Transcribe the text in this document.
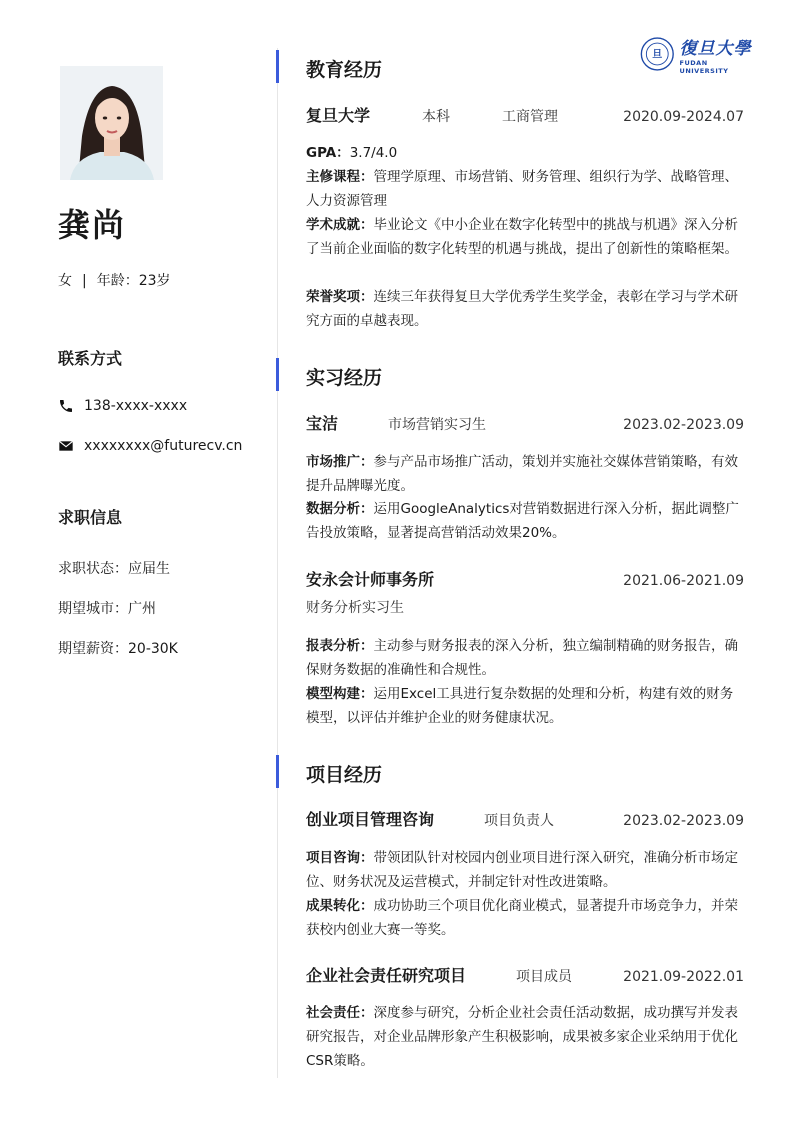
龚尚
女 | 年龄：23岁
联系方式
138-xxxx-xxxx
xxxxxxxx@futurecv.cn
求职信息
求职状态：应届生
期望城市：广州
期望薪资：20-30K
旦 復旦大學
FUDAN UNIVERSITY
教育经历
复旦大学	本科	工商管理	2020.09-2024.07

GPA：3.7/4.0

主修课程：管理学原理、市场营销、财务管理、组织行为学、战略管理、人力资源管理

学术成就：毕业论文《中小企业在数字化转型中的挑战与机遇》深入分析了当前企业面临的数字化转型的机遇与挑战，提出了创新性的策略框架。

荣誉奖项：连续三年获得复旦大学优秀学生奖学金，表彰在学习与学术研究方面的卓越表现。

实习经历
宝洁	市场营销实习生	2023.02-2023.09

市场推广：参与产品市场推广活动，策划并实施社交媒体营销策略，有效提升品牌曝光度。

数据分析：运用GoogleAnalytics对营销数据进行深入分析，据此调整广告投放策略，显著提高营销活动效果20%。

安永会计师事务所	2021.06-2021.09
财务分析实习生

报表分析：主动参与财务报表的深入分析，独立编制精确的财务报告，确保财务数据的准确性和合规性。

模型构建：运用Excel工具进行复杂数据的处理和分析，构建有效的财务模型，以评估并维护企业的财务健康状况。

项目经历
创业项目管理咨询	项目负责人	2023.02-2023.09

项目咨询：带领团队针对校园内创业项目进行深入研究，准确分析市场定位、财务状况及运营模式，并制定针对性改进策略。

成果转化：成功协助三个项目优化商业模式，显著提升市场竞争力，并荣获校内创业大赛一等奖。

企业社会责任研究项目	项目成员	2021.09-2022.01

社会责任：深度参与研究，分析企业社会责任活动数据，成功撰写并发表研究报告，对企业品牌形象产生积极影响，成果被多家企业采纳用于优化CSR策略。
